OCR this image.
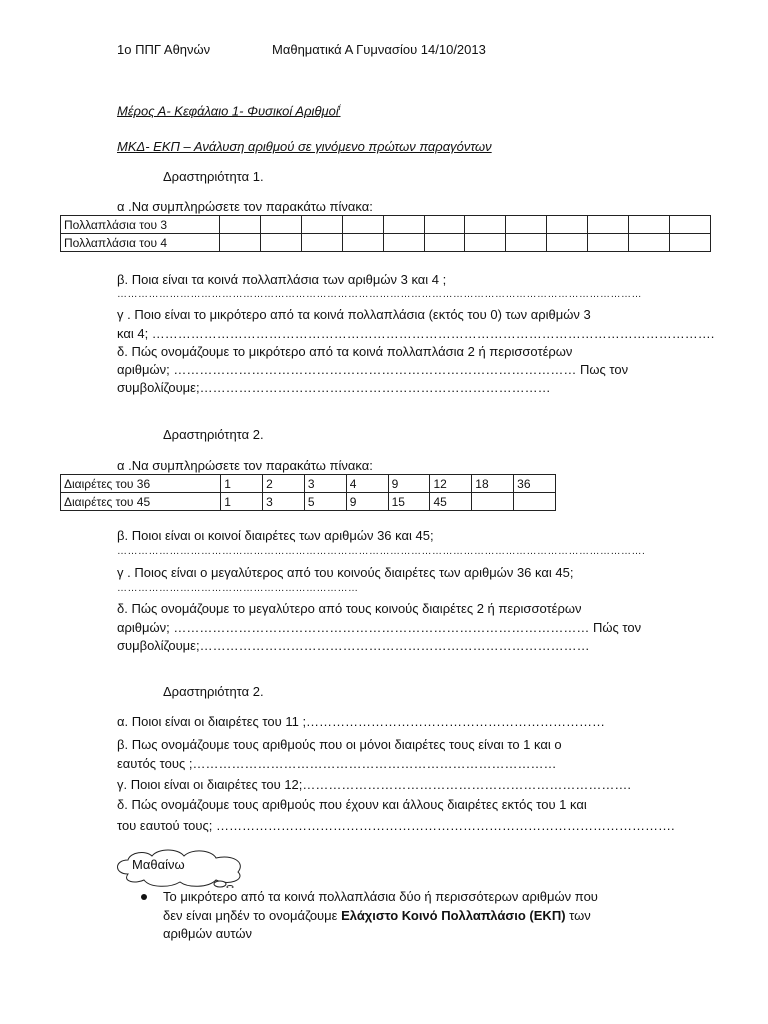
1ο ΠΠΓ Αθηνών	Μαθηματικά Α Γυμνασίου 14/10/2013
Μέρος Α- Κεφάλαιο 1- Φυσικοί Αριθμοί$^i$
ΜΚΔ- ΕΚΠ – Ανάλυση αριθμού σε γινόμενο πρώτων παραγόντων
Δραστηριότητα 1.
α .Να συμπληρώσετε τον παρακάτω πίνακα:
Πολλαπλάσια του 3												
Πολλαπλάσια του 4												
β. Ποια είναι τα κοινά πολλαπλάσια των αριθμών 3 και 4 ;
……………………………………………………………………………………………………………………………………
γ . Ποιο είναι το μικρότερο από τα κοινά πολλαπλάσια (εκτός του 0) των αριθμών 3
και 4; ………………………………………………………………………………………………………………….
δ. Πώς ονομάζουμε το μικρότερο από τα κοινά πολλαπλάσια 2 ή περισσοτέρων
αριθμών; ………………………………………………………………………………… Πως τον
συμβολίζουμε;………………………………………………………………………
Δραστηριότητα 2.
α .Να συμπληρώσετε τον παρακάτω πίνακα:
Διαιρέτες του 36	1	2	3	4	9	12	18	36
Διαιρέτες του 45	1	3	5	9	15	45		
β. Ποιοι είναι οι κοινοί διαιρέτες των αριθμών 36 και 45;
…………………………………………………………………………………………………………………………………….
γ . Ποιος είναι ο μεγαλύτερος από του κοινούς διαιρέτες των αριθμών 36 και 45;
……………………………………………………………
δ. Πώς ονομάζουμε το μεγαλύτερο από τους κοινούς διαιρέτες 2 ή περισσοτέρων
αριθμών; …………………………………………………………………………………… Πώς τον
συμβολίζουμε;………………………………………………………………………………
Δραστηριότητα 2.
α. Ποιοι είναι οι διαιρέτες του 11 ;……………………………………………………………
β. Πως ονομάζουμε τους αριθμούς που οι μόνοι διαιρέτες τους είναι το 1 και ο
εαυτός τους ;…………………………………………………………………………
γ. Ποιοι είναι οι διαιρέτες του 12;………………………………………………………………….
δ. Πώς ονομάζουμε τους αριθμούς που έχουν και άλλους διαιρέτες εκτός του 1 και
του εαυτού τους; …………………………………………………………………………………………….
Μαθαίνω
Το μικρότερο από τα κοινά πολλαπλάσια δύο ή περισσότερων αριθμών που
δεν είναι μηδέν το ονομάζουμε Ελάχιστο Κοινό Πολλαπλάσιο (ΕΚΠ) των
αριθμών αυτών
